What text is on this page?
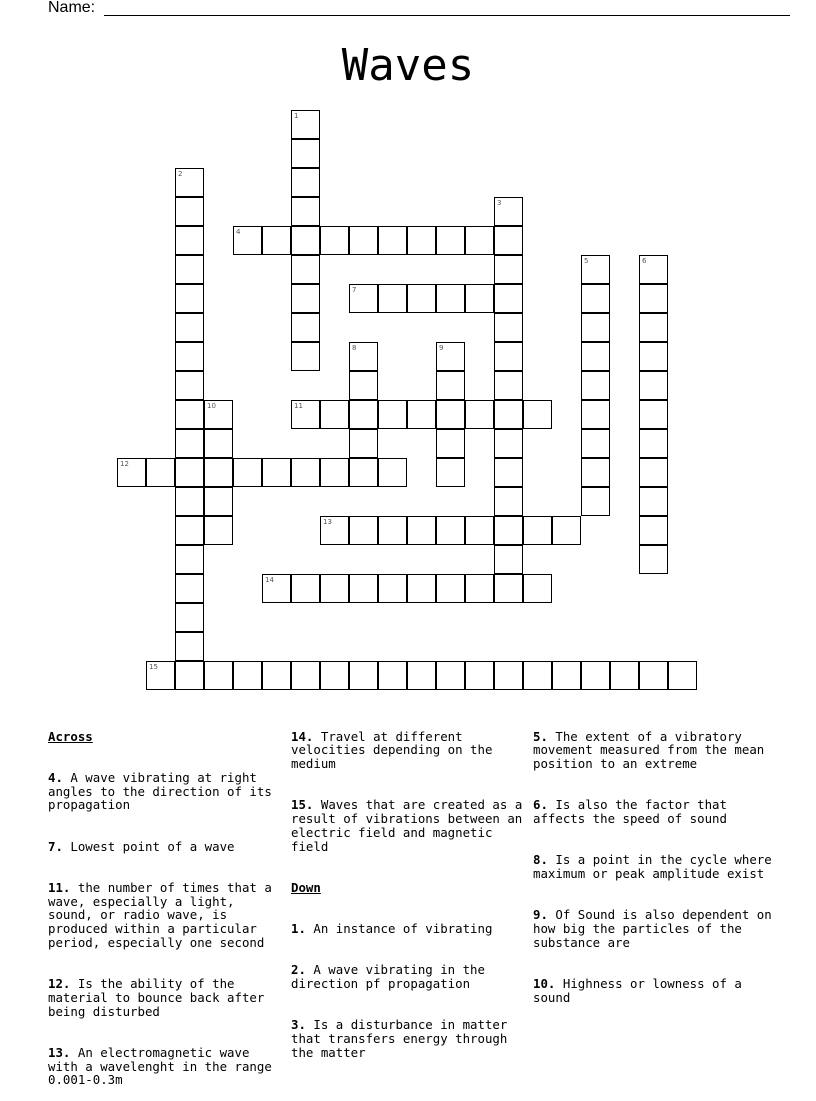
Name:
Waves
1
2
3
4
5	6
7
8	9
10	11
12
13
14
15

Across

4. A wave vibrating at right angles to the direction of its propagation

7. Lowest point of a wave

11. the number of times that a wave, especially a light, sound, or radio wave, is produced within a particular period, especially one second

12. Is the ability of the material to bounce back after being disturbed

13. An electromagnetic wave with a wavelenght in the range 0.001-0.3m

14. Travel at different velocities depending on the medium

15. Waves that are created as a result of vibrations between an electric field and magnetic field

Down

1. An instance of vibrating

2. A wave vibrating in the direction pf propagation

3. Is a disturbance in matter that transfers energy through the matter

5. The extent of a vibratory movement measured from the mean position to an extreme

6. Is also the factor that affects the speed of sound

8. Is a point in the cycle where maximum or peak amplitude exist

9. Of Sound is also dependent on how big the particles of the substance are

10. Highness or lowness of a sound
